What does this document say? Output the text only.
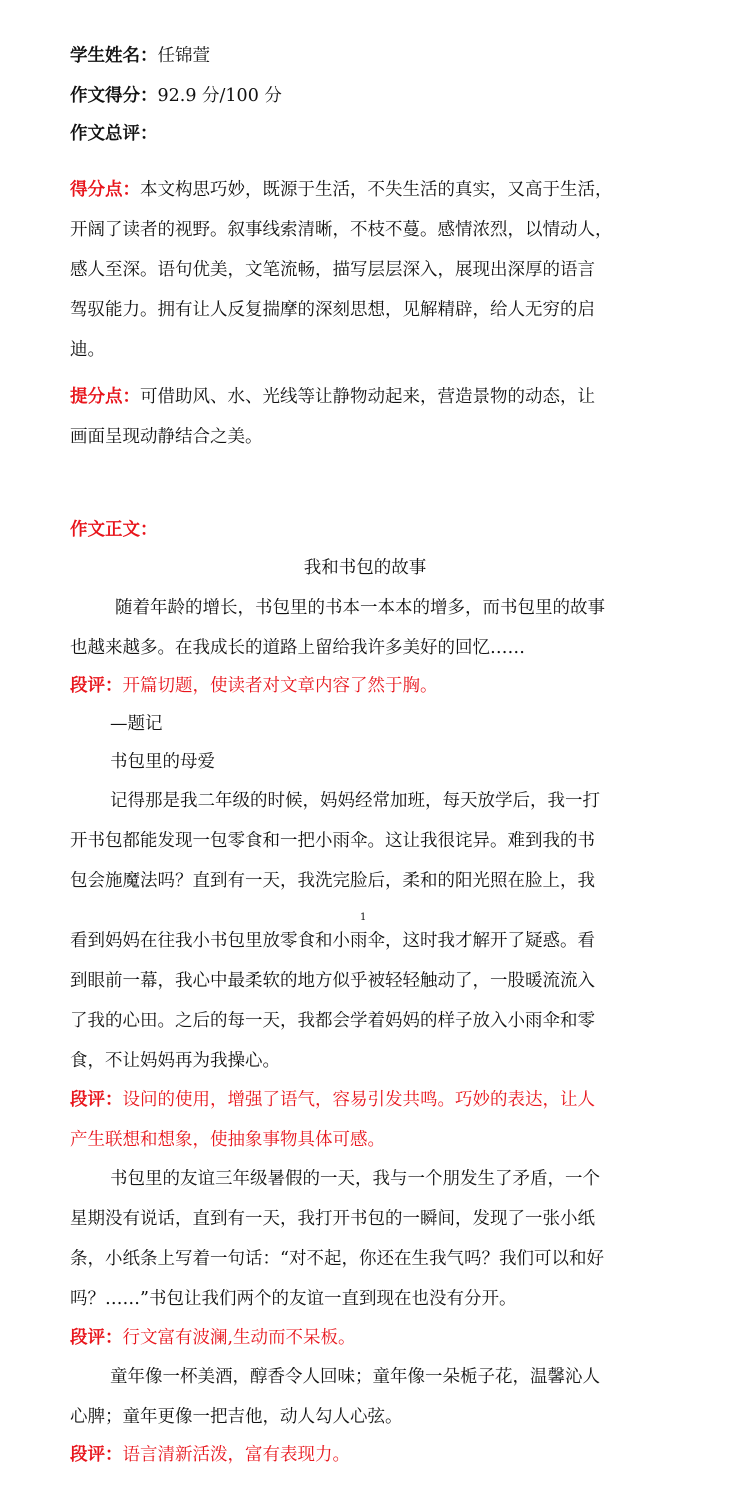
学生姓名：任锦萱
作文得分：92.9 分/100 分
作文总评：
得分点：本文构思巧妙，既源于生活，不失生活的真实，又高于生活，
开阔了读者的视野。叙事线索清晰，不枝不蔓。感情浓烈，以情动人，
感人至深。语句优美，文笔流畅，描写层层深入，展现出深厚的语言
驾驭能力。拥有让人反复揣摩的深刻思想，见解精辟，给人无穷的启
迪。
提分点：可借助风、水、光线等让静物动起来，营造景物的动态，让
画面呈现动静结合之美。
作文正文：
我和书包的故事
随着年龄的增长，书包里的书本一本本的增多，而书包里的故事
也越来越多。在我成长的道路上留给我许多美好的回忆……
段评：开篇切题，使读者对文章内容了然于胸。
—题记
书包里的母爱
记得那是我二年级的时候，妈妈经常加班，每天放学后，我一打
开书包都能发现一包零食和一把小雨伞。这让我很诧异。难到我的书
包会施魔法吗？直到有一天，我洗完脸后，柔和的阳光照在脸上，我
1
看到妈妈在往我小书包里放零食和小雨伞，这时我才解开了疑惑。看
到眼前一幕，我心中最柔软的地方似乎被轻轻触动了，一股暖流流入
了我的心田。之后的每一天，我都会学着妈妈的样子放入小雨伞和零
食，不让妈妈再为我操心。
段评：设问的使用，增强了语气，容易引发共鸣。巧妙的表达，让人
产生联想和想象，使抽象事物具体可感。
书包里的友谊三年级暑假的一天，我与一个朋发生了矛盾，一个
星期没有说话，直到有一天，我打开书包的一瞬间，发现了一张小纸
条，小纸条上写着一句话：“对不起，你还在生我气吗？我们可以和好
吗？……”书包让我们两个的友谊一直到现在也没有分开。
段评：行文富有波澜,生动而不呆板。
童年像一杯美酒，醇香令人回味；童年像一朵栀子花，温馨沁人
心脾；童年更像一把吉他，动人勾人心弦。
段评：语言清新活泼，富有表现力。
